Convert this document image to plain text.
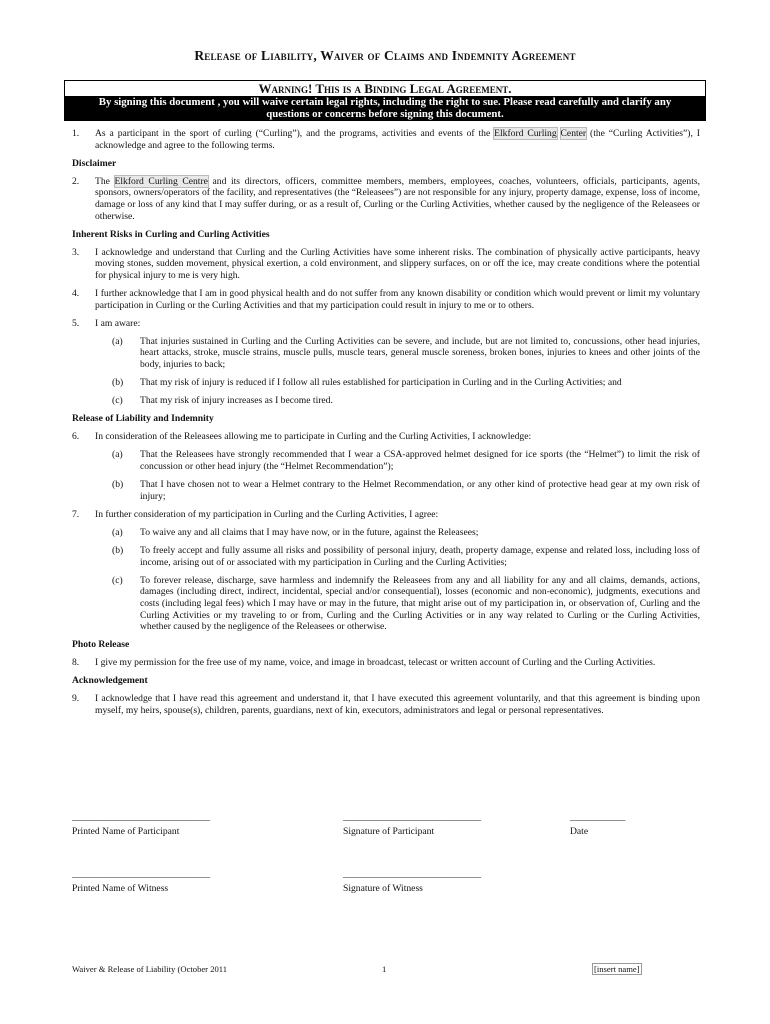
Release of Liability, Waiver of Claims and Indemnity Agreement
Warning! This is a Binding Legal Agreement.
By signing this document , you will waive certain legal rights, including the right to sue. Please read carefully and clarify any questions or concerns before signing this document.
1. As a participant in the sport of curling (“Curling”), and the programs, activities and events of the Elkford Curling Center (the “Curling Activities”), I acknowledge and agree to the following terms.
Disclaimer
2. The Elkford Curling Centre and its directors, officers, committee members, members, employees, coaches, volunteers, officials, participants, agents, sponsors, owners/operators of the facility, and representatives (the “Releasees”) are not responsible for any injury, property damage, expense, loss of income, damage or loss of any kind that I may suffer during, or as a result of, Curling or the Curling Activities, whether caused by the negligence of the Releasees or otherwise.
Inherent Risks in Curling and Curling Activities
3. I acknowledge and understand that Curling and the Curling Activities have some inherent risks. The combination of physically active participants, heavy moving stones, sudden movement, physical exertion, a cold environment, and slippery surfaces, on or off the ice, may create conditions where the potential for physical injury to me is very high.
4. I further acknowledge that I am in good physical health and do not suffer from any known disability or condition which would prevent or limit my voluntary participation in Curling or the Curling Activities and that my participation could result in injury to me or to others.
5. I am aware:
(a) That injuries sustained in Curling and the Curling Activities can be severe, and include, but are not limited to, concussions, other head injuries, heart attacks, stroke, muscle strains, muscle pulls, muscle tears, general muscle soreness, broken bones, injuries to knees and other joints of the body, injuries to back;
(b) That my risk of injury is reduced if I follow all rules established for participation in Curling and in the Curling Activities; and
(c) That my risk of injury increases as I become tired.
Release of Liability and Indemnity
6. In consideration of the Releasees allowing me to participate in Curling and the Curling Activities, I acknowledge:
(a) That the Releasees have strongly recommended that I wear a CSA-approved helmet designed for ice sports (the “Helmet”) to limit the risk of concussion or other head injury (the “Helmet Recommendation”);
(b) That I have chosen not to wear a Helmet contrary to the Helmet Recommendation, or any other kind of protective head gear at my own risk of injury;
7. In further consideration of my participation in Curling and the Curling Activities, I agree:
(a) To waive any and all claims that I may have now, or in the future, against the Releasees;
(b) To freely accept and fully assume all risks and possibility of personal injury, death, property damage, expense and related loss, including loss of income, arising out of or associated with my participation in Curling and the Curling Activities;
(c) To forever release, discharge, save harmless and indemnify the Releasees from any and all liability for any and all claims, demands, actions, damages (including direct, indirect, incidental, special and/or consequential), losses (economic and non-economic), judgments, executions and costs (including legal fees) which I may have or may in the future, that might arise out of my participation in, or observation of, Curling and the Curling Activities or my traveling to or from, Curling and the Curling Activities or in any way related to Curling or the Curling Activities, whether caused by the negligence of the Releasees or otherwise.
Photo Release
8. I give my permission for the free use of my name, voice, and image in broadcast, telecast or written account of Curling and the Curling Activities.
Acknowledgement
9. I acknowledge that I have read this agreement and understand it, that I have executed this agreement voluntarily, and that this agreement is binding upon myself, my heirs, spouse(s), children, parents, guardians, next of kin, executors, administrators and legal or personal representatives.
______________________________	______________________________	____________
Printed Name of Participant	Signature of Participant	Date
______________________________	______________________________
Printed Name of Witness	Signature of Witness
Waiver & Release of Liability (October 2011	1	[insert name]
